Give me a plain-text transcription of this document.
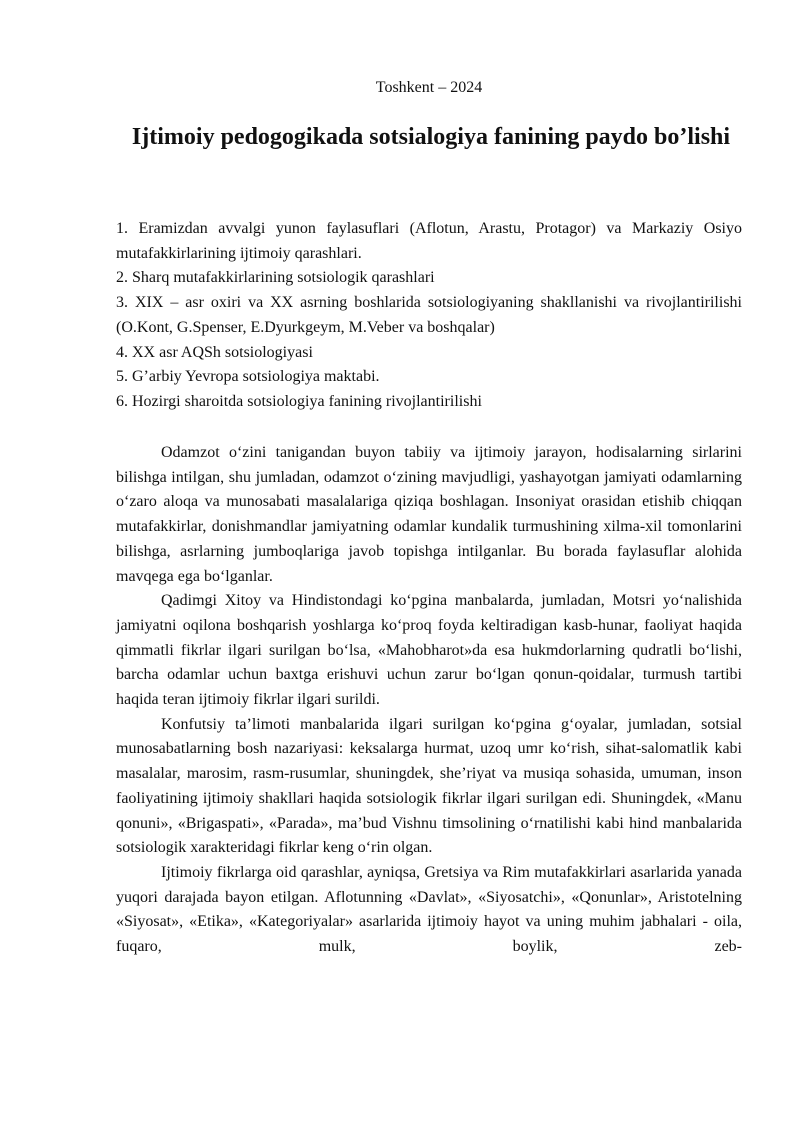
Toshkent – 2024
Ijtimoiy pedogogikada sotsialogiya fanining paydo bo’lishi

1. Eramizdan avvalgi yunon faylasuflari (Aflotun, Arastu, Protagor) va Markaziy Osiyo mutafakkirlarining ijtimoiy qarashlari.

2. Sharq mutafakkirlarining sotsiologik qarashlari

3. XIX – asr oxiri va XX asrning boshlarida sotsiologiyaning shakllanishi va rivojlantirilishi (O.Kont, G.Spenser, E.Dyurkgeym, M.Veber va boshqalar)

4. XX asr AQSh sotsiologiyasi

5. G’arbiy Yevropa sotsiologiya maktabi.

6. Hozirgi sharoitda sotsiologiya fanining rivojlantirilishi

Odamzot oʻzini tanigandan buyon tabiiy va ijtimoiy jarayon, hodisalarning sirlarini bilishga intilgan, shu jumladan, odamzot oʻzining mavjudligi, yashayotgan jamiyati odamlarning oʻzaro aloqa va munosabati masalalariga qiziqa boshlagan. Insoniyat orasidan etishib chiqqan mutafakkirlar, donishmandlar jamiyatning odamlar kundalik turmushining xilma-xil tomonlarini bilishga, asrlarning jumboqlariga javob topishga intilganlar. Bu borada faylasuflar alohida mavqega ega boʻlganlar.

Qadimgi Xitoy va Hindistondagi koʻpgina manbalarda, jumladan, Motsri yoʻnalishida jamiyatni oqilona boshqarish yoshlarga koʻproq foyda keltiradigan kasb-hunar, faoliyat haqida qimmatli fikrlar ilgari surilgan boʻlsa, «Mahobharot»da esa hukmdorlarning qudratli boʻlishi, barcha odamlar uchun baxtga erishuvi uchun zarur boʻlgan qonun-qoidalar, turmush tartibi haqida teran ijtimoiy fikrlar ilgari surildi.

Konfutsiy ta’limoti manbalarida ilgari surilgan koʻpgina gʻoyalar, jumladan, sotsial munosabatlarning bosh nazariyasi: keksalarga hurmat, uzoq umr koʻrish, sihat-salomatlik kabi masalalar, marosim, rasm-rusumlar, shuningdek, she’riyat va musiqa sohasida, umuman, inson faoliyatining ijtimoiy shakllari haqida sotsiologik fikrlar ilgari surilgan edi. Shuningdek, «Manu qonuni», «Brigaspati», «Parada», ma’bud Vishnu timsolining oʻrnatilishi kabi hind manbalarida sotsiologik xarakteridagi fikrlar keng oʻrin olgan.

Ijtimoiy fikrlarga oid qarashlar, ayniqsa, Gretsiya va Rim mutafakkirlari asarlarida yanada yuqori darajada bayon etilgan. Aflotunning «Davlat», «Siyosatchi», «Qonunlar», Aristotelning «Siyosat», «Etika», «Kategoriyalar» asarlarida ijtimoiy hayot va uning muhim jabhalari - oila, fuqaro, mulk, boylik, zeb-
